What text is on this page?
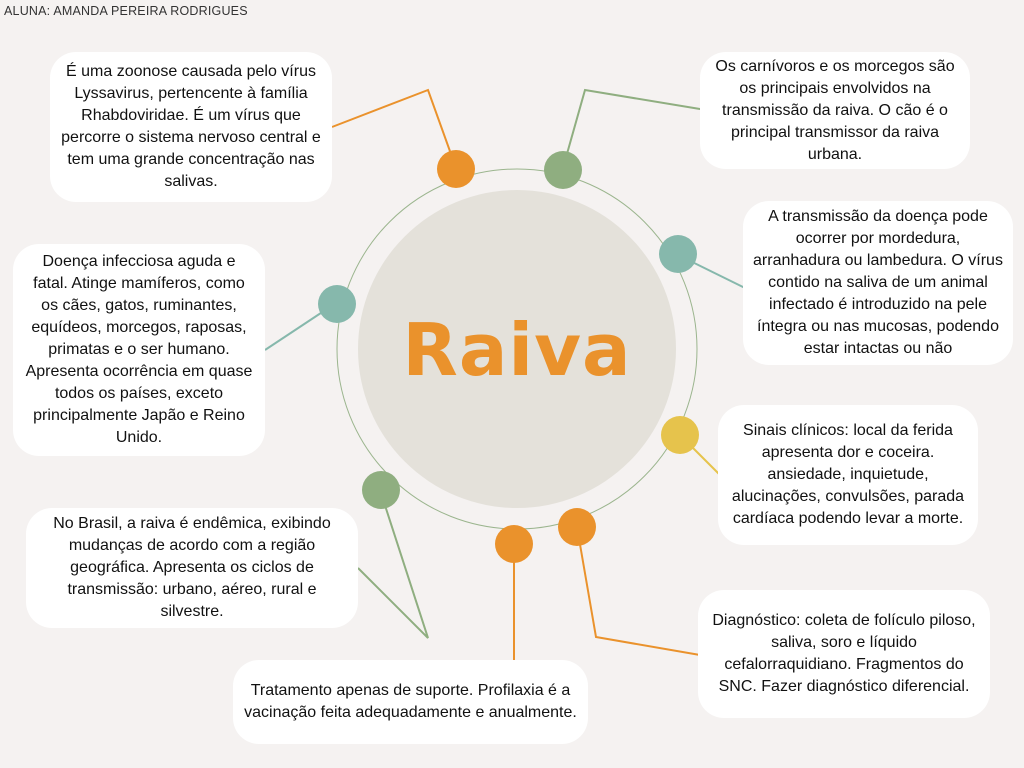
ALUNA: AMANDA PEREIRA RODRIGUES
Raiva
É uma zoonose causada pelo vírus Lyssavirus, pertencente à família Rhabdoviridae. É um vírus que percorre o sistema nervoso central e tem uma grande concentração nas salivas.
Os carnívoros e os morcegos são os principais envolvidos na transmissão da raiva. O cão é o principal transmissor da raiva urbana.
A transmissão da doença pode ocorrer por mordedura, arranhadura ou lambedura. O vírus contido na saliva de um animal infectado é introduzido na pele íntegra ou nas mucosas, podendo estar intactas ou não
Doença infecciosa aguda e fatal. Atinge mamíferos, como os cães, gatos, ruminantes, equídeos, morcegos, raposas, primatas e o ser humano. Apresenta ocorrência em quase todos os países, exceto principalmente Japão e Reino Unido.	Sinais clínicos: local da ferida apresenta dor e coceira. ansiedade, inquietude, alucinações, convulsões, parada cardíaca podendo levar a morte.
No Brasil, a raiva é endêmica, exibindo mudanças de acordo com a região geográfica. Apresenta os ciclos de transmissão: urbano, aéreo, rural e silvestre.
Diagnóstico: coleta de folículo piloso, saliva, soro e líquido cefalorraquidiano. Fragmentos do SNC. Fazer diagnóstico diferencial.
Tratamento apenas de suporte. Profilaxia é a vacinação feita adequadamente e anualmente.
